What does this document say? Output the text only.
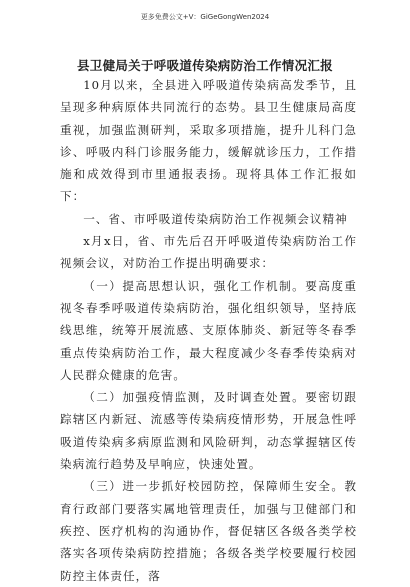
更多免费公文+V：GiGeGongWen2024
县卫健局关于呼吸道传染病防治工作情况汇报

10月以来，全县进入呼吸道传染病高发季节，且呈现多种病原体共同流行的态势。县卫生健康局高度重视，加强监测研判，采取多项措施，提升儿科门急诊、呼吸内科门诊服务能力，缓解就诊压力，工作措施和成效得到市里通报表扬。现将具体工作汇报如下：

一、省、市呼吸道传染病防治工作视频会议精神

x月x日，省、市先后召开呼吸道传染病防治工作视频会议，对防治工作提出明确要求：

（一）提高思想认识，强化工作机制。要高度重视冬春季呼吸道传染病防治，强化组织领导，坚持底线思维，统筹开展流感、支原体肺炎、新冠等冬春季重点传染病防治工作，最大程度减少冬春季传染病对人民群众健康的危害。

（二）加强疫情监测，及时调查处置。要密切跟踪辖区内新冠、流感等传染病疫情形势，开展急性呼吸道传染病多病原监测和风险研判，动态掌握辖区传染病流行趋势及早响应，快速处置。

（三）进一步抓好校园防控，保障师生安全。教育行政部门要落实属地管理责任，加强与卫健部门和疾控、医疗机构的沟通协作，督促辖区各级各类学校落实各项传染病防控措施；各级各类学校要履行校园防控主体责任，落
